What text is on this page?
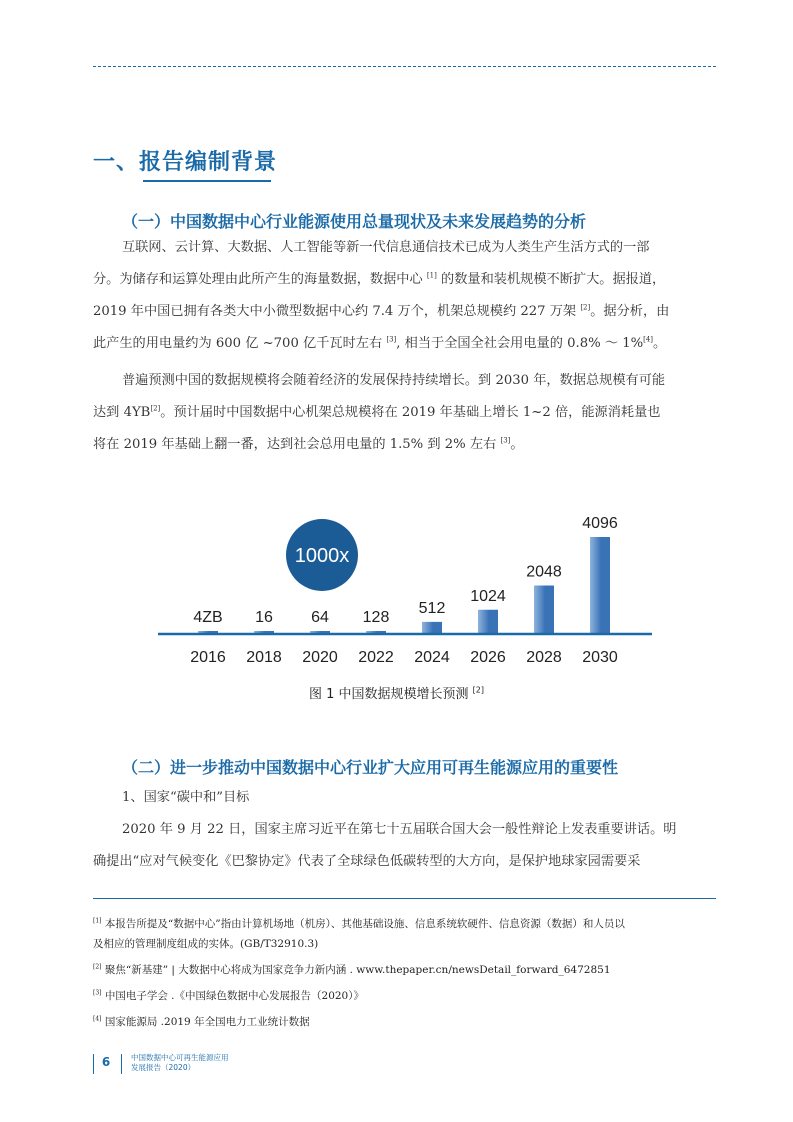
一、报告编制背景
（一）中国数据中心行业能源使用总量现状及未来发展趋势的分析
互联网、云计算、大数据、人工智能等新一代信息通信技术已成为人类生产生活方式的一部
分。为储存和运算处理由此所产生的海量数据，数据中心 [1] 的数量和装机规模不断扩大。据报道，
2019 年中国已拥有各类大中小微型数据中心约 7.4 万个，机架总规模约 227 万架 [2]。据分析，由
此产生的用电量约为 600 亿 ~700 亿千瓦时左右 [3], 相当于全国全社会用电量的 0.8% ～ 1%[4]。
普遍预测中国的数据规模将会随着经济的发展保持持续增长。到 2030 年，数据总规模有可能
达到 4YB[2]。预计届时中国数据中心机架总规模将在 2019 年基础上增长 1~2 倍，能源消耗量也
将在 2019 年基础上翻一番，达到社会总用电量的 1.5% 到 2% 左右 [3]。
1000x
4ZB 16 64 128
512
1024
2048
4096
2016 2018 2020 2022 2024 2026 2028 2030
图 1 中国数据规模增长预测 [2]
（二）进一步推动中国数据中心行业扩大应用可再生能源应用的重要性
1、国家“碳中和”目标
2020 年 9 月 22 日，国家主席习近平在第七十五届联合国大会一般性辩论上发表重要讲话。明
确提出“应对气候变化《巴黎协定》代表了全球绿色低碳转型的大方向，是保护地球家园需要采
[1] 本报告所提及“数据中心”指由计算机场地（机房）、其他基础设施、信息系统软硬件、信息资源（数据）和人员以
及相应的管理制度组成的实体。(GB/T32910.3)
[2] 聚焦“新基建” | 大数据中心将成为国家竞争力新内涵 . www.thepaper.cn/newsDetail_forward_6472851
[3] 中国电子学会 .《中国绿色数据中心发展报告（2020）》
[4] 国家能源局 .2019 年全国电力工业统计数据
6	中国数据中心可再生能源应用
发展报告（2020）
